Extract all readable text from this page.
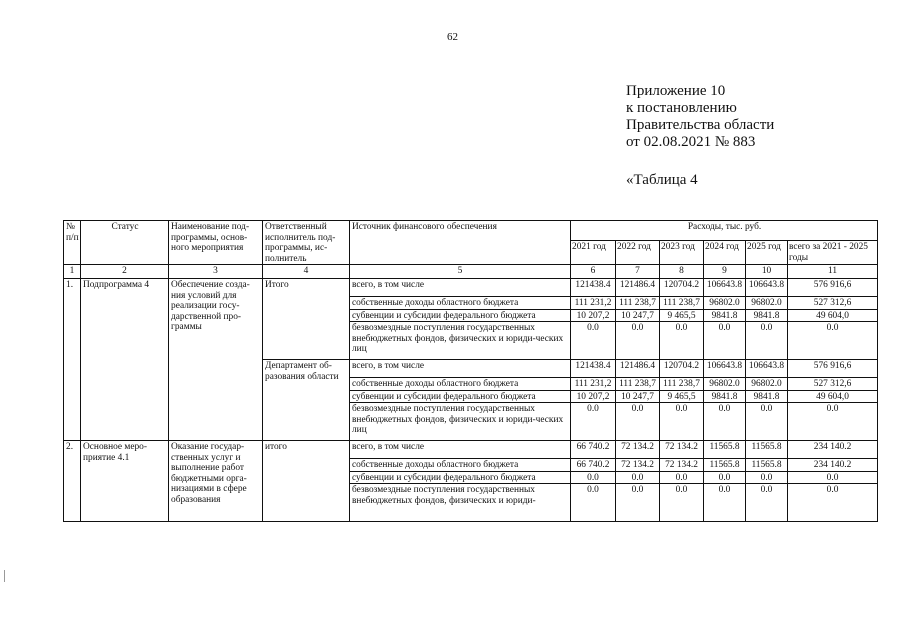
62
Приложение 10
к постановлению
Правительства области
от 02.08.2021 № 883
«Таблица 4
№ п/п	Статус	Наименование под-программы, основ-ного мероприятия	Ответственный исполнитель под-программы, ис-полнитель	Источник финансового обеспечения	Расходы, тыс. руб.					
					2021 год	2022 год	2023 год	2024 год	2025 год	всего за 2021 - 2025 годы
1	2	3	4	5	6	7	8	9	10	11
1.	Подпрограмма 4	Обеспечение созда-ния условий для реализации госу-дарственной про-граммы	Итого	всего, в том числе	121438.4	121486.4	120704.2	106643.8	106643.8	576 916,6
				собственные доходы областного бюджета	111 231,2	111 238,7	111 238,7	96802.0	96802.0	527 312,6
				субвенции и субсидии федерального бюджета	10 207,2	10 247,7	9 465,5	9841.8	9841.8	49 604,0
				безвозмездные поступления государственных внебюджетных фондов, физических и юриди-ческих лиц	0.0	0.0	0.0	0.0	0.0	0.0
			Департамент об-разования области	всего, в том числе	121438.4	121486.4	120704.2	106643.8	106643.8	576 916,6
				собственные доходы областного бюджета	111 231,2	111 238,7	111 238,7	96802.0	96802.0	527 312,6
				субвенции и субсидии федерального бюджета	10 207,2	10 247,7	9 465,5	9841.8	9841.8	49 604,0
				безвозмездные поступления государственных внебюджетных фондов, физических и юриди-ческих лиц	0.0	0.0	0.0	0.0	0.0	0.0
2.	Основное меро-приятие 4.1	Оказание государ-ственных услуг и выполнение работ бюджетными орга-низациями в сфере образования	итого	всего, в том числе	66 740.2	72 134.2	72 134.2	11565.8	11565.8	234 140.2
				собственные доходы областного бюджета	66 740.2	72 134.2	72 134.2	11565.8	11565.8	234 140.2
				субвенции и субсидии федерального бюджета	0.0	0.0	0.0	0.0	0.0	0.0
				безвозмездные поступления государственных внебюджетных фондов, физических и юриди-	0.0	0.0	0.0	0.0	0.0	0.0
